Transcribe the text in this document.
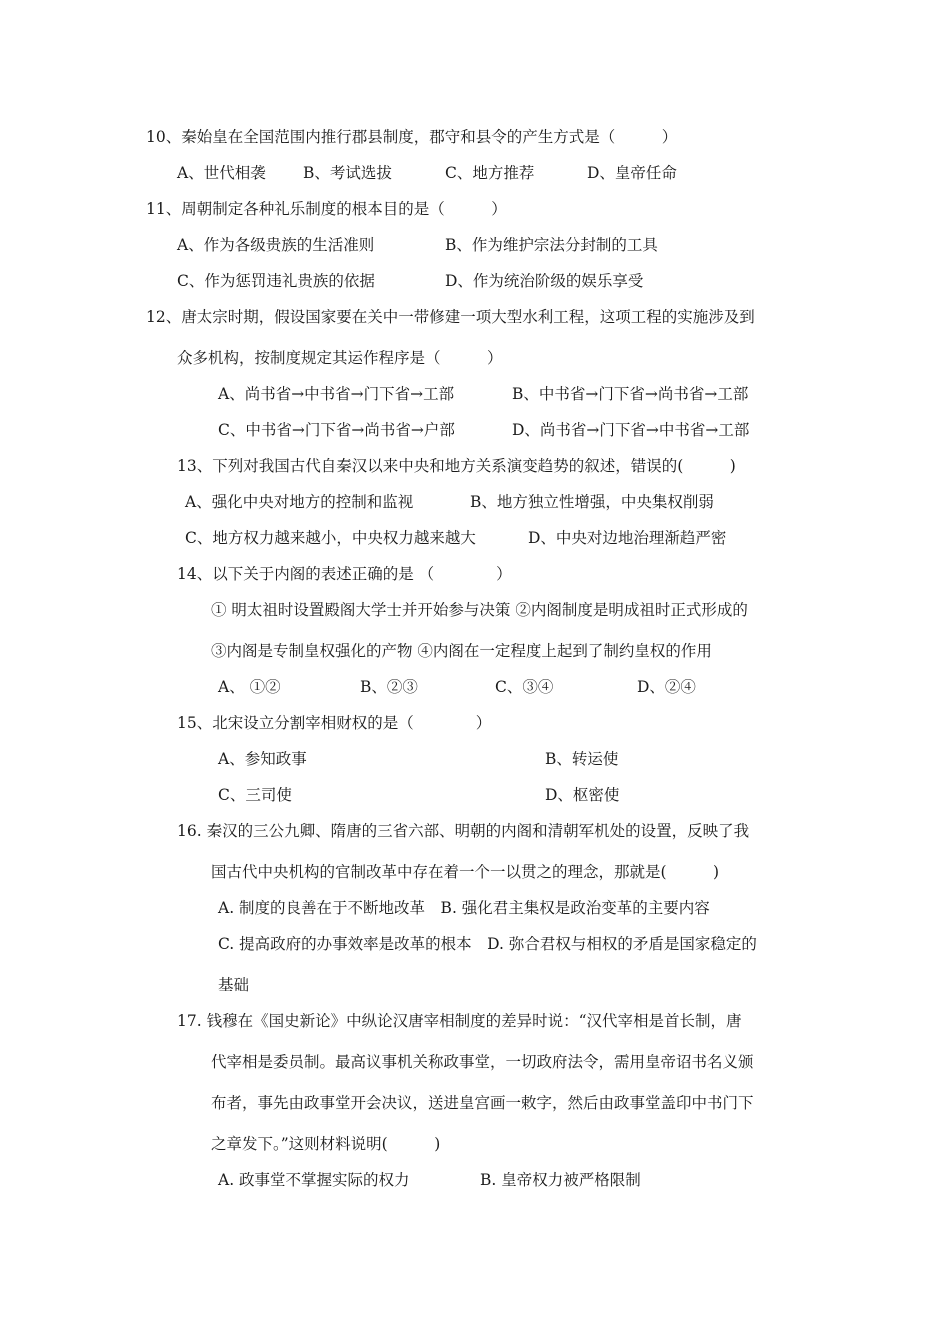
10、秦始皇在全国范围内推行郡县制度，郡守和县令的产生方式是（　　　）
A、世代相袭 B、考试选拔	C、地方推荐	D、皇帝任命
11、周朝制定各种礼乐制度的根本目的是（　　　）
A、作为各级贵族的生活准则	B、作为维护宗法分封制的工具
C、作为惩罚违礼贵族的依据	D、作为统治阶级的娱乐享受
12、唐太宗时期，假设国家要在关中一带修建一项大型水利工程，这项工程的实施涉及到
众多机构，按制度规定其运作程序是（　　　）
A、尚书省→中书省→门下省→工部	B、中书省→门下省→尚书省→工部
C、中书省→门下省→尚书省→户部	D、尚书省→门下省→中书省→工部
13、下列对我国古代自秦汉以来中央和地方关系演变趋势的叙述，错误的(　　　)
A、强化中央对地方的控制和监视	B、地方独立性增强，中央集权削弱
C、地方权力越来越小，中央权力越来越大	D、中央对边地治理渐趋严密
14、以下关于内阁的表述正确的是 （　　　　）
① 明太祖时设置殿阁大学士并开始参与决策 ②内阁制度是明成祖时正式形成的
③内阁是专制皇权强化的产物 ④内阁在一定程度上起到了制约皇权的作用
A、 ①②	B、②③	C、③④	D、②④
15、北宋设立分割宰相财权的是（　　　　）
A、参知政事	B、转运使
C、三司使	D、枢密使
16. 秦汉的三公九卿、隋唐的三省六部、明朝的内阁和清朝军机处的设置，反映了我
国古代中央机构的官制改革中存在着一个一以贯之的理念，那就是(　　　)
A. 制度的良善在于不断地改革　B. 强化君主集权是政治变革的主要内容
C. 提高政府的办事效率是改革的根本　D. 弥合君权与相权的矛盾是国家稳定的
基础
17. 钱穆在《国史新论》中纵论汉唐宰相制度的差异时说：“汉代宰相是首长制，唐
代宰相是委员制。最高议事机关称政事堂，一切政府法令，需用皇帝诏书名义颁
布者，事先由政事堂开会决议，送进皇宫画一敕字，然后由政事堂盖印中书门下
之章发下。”这则材料说明(　　　)
A. 政事堂不掌握实际的权力	B. 皇帝权力被严格限制
